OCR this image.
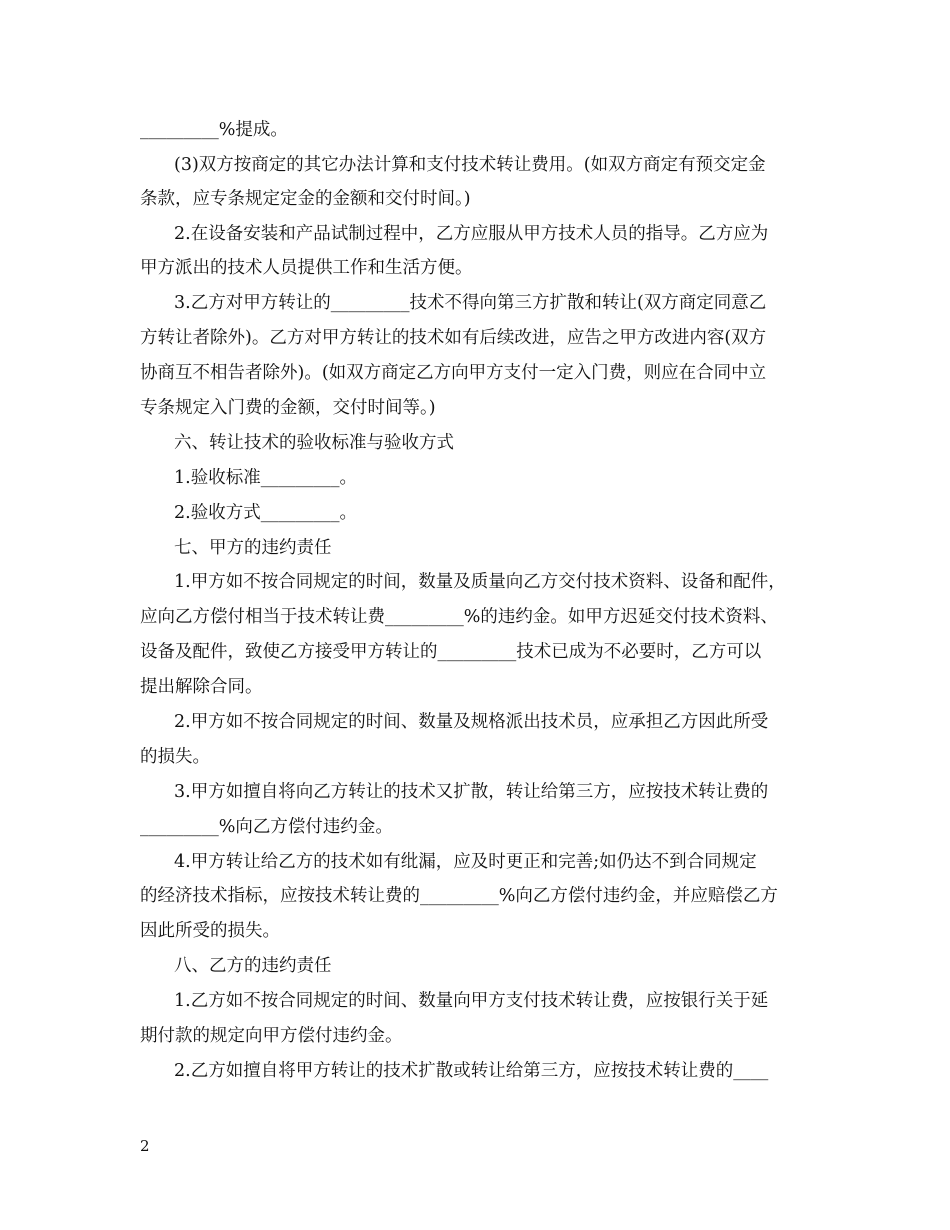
_________%提成。
(3)双方按商定的其它办法计算和支付技术转让费用。(如双方商定有预交定金
条款，应专条规定定金的金额和交付时间。)
2.在设备安装和产品试制过程中，乙方应服从甲方技术人员的指导。乙方应为
甲方派出的技术人员提供工作和生活方便。
3.乙方对甲方转让的_________技术不得向第三方扩散和转让(双方商定同意乙
方转让者除外)。乙方对甲方转让的技术如有后续改进，应告之甲方改进内容(双方
协商互不相告者除外)。(如双方商定乙方向甲方支付一定入门费，则应在合同中立
专条规定入门费的金额，交付时间等。)
六、转让技术的验收标准与验收方式
1.验收标准_________。
2.验收方式_________。
七、甲方的违约责任
1.甲方如不按合同规定的时间，数量及质量向乙方交付技术资料、设备和配件，
应向乙方偿付相当于技术转让费_________%的违约金。如甲方迟延交付技术资料、
设备及配件，致使乙方接受甲方转让的_________技术已成为不必要时，乙方可以
提出解除合同。
2.甲方如不按合同规定的时间、数量及规格派出技术员，应承担乙方因此所受
的损失。
3.甲方如擅自将向乙方转让的技术又扩散，转让给第三方，应按技术转让费的
_________%向乙方偿付违约金。
4.甲方转让给乙方的技术如有纰漏，应及时更正和完善;如仍达不到合同规定
的经济技术指标，应按技术转让费的_________%向乙方偿付违约金，并应赔偿乙方
因此所受的损失。
八、乙方的违约责任
1.乙方如不按合同规定的时间、数量向甲方支付技术转让费，应按银行关于延
期付款的规定向甲方偿付违约金。
2.乙方如擅自将甲方转让的技术扩散或转让给第三方，应按技术转让费的____
2
